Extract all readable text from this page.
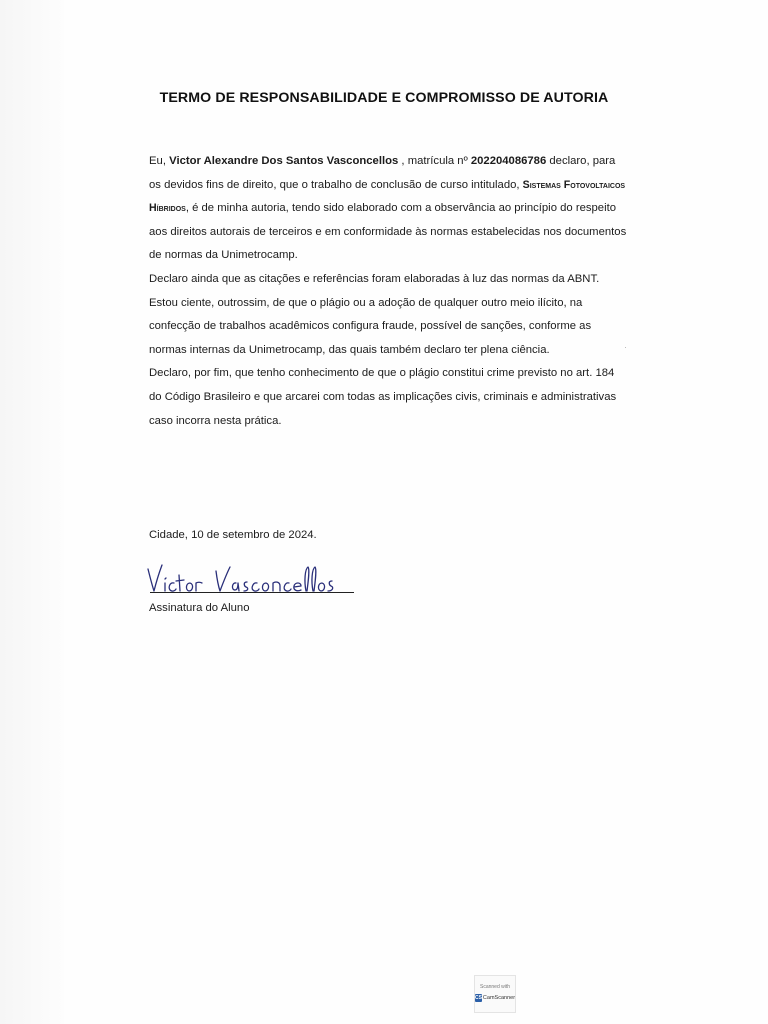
TERMO DE RESPONSABILIDADE E COMPROMISSO DE AUTORIA

Eu, Victor Alexandre Dos Santos Vasconcellos , matrícula nº 202204086786 declaro, para os devidos fins de direito, que o trabalho de conclusão de curso intitulado, Sistemas Fotovoltaicos Híbridos, é de minha autoria, tendo sido elaborado com a observância ao princípio do respeito aos direitos autorais de terceiros e em conformidade às normas estabelecidas nos documentos de normas da Unimetrocamp.

Declaro ainda que as citações e referências foram elaboradas à luz das normas da ABNT.

Estou ciente, outrossim, de que o plágio ou a adoção de qualquer outro meio ilícito, na confecção de trabalhos acadêmicos configura fraude, possível de sanções, conforme as normas internas da Unimetrocamp, das quais também declaro ter plena ciência.

Declaro, por fim, que tenho conhecimento de que o plágio constitui crime previsto no art. 184 do Código Brasileiro e que arcarei com todas as implicações civis, criminais e administrativas caso incorra nesta prática.

Cidade, 10 de setembro de 2024.
Assinatura do Aluno
Scanned with
CS CamScanner
